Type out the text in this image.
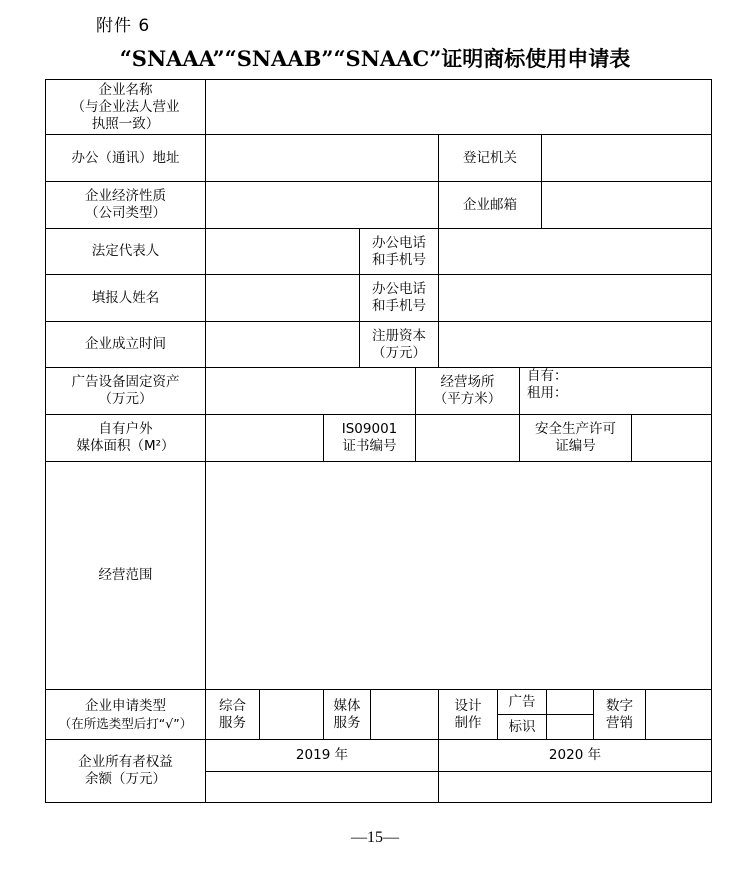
附件 6
“SNAAA”“SNAAB”“SNAAC”证明商标使用申请表
企业名称
（与企业法人营业
执照一致）
办公（通讯）地址	登记机关
企业经济性质
（公司类型）
企业邮箱
法定代表人
办公电话
和手机号
填报人姓名
办公电话
和手机号
企业成立时间
注册资本
（万元）
广告设备固定资产
（万元）
经营场所
（平方米）
自有：
租用：
自有户外
媒体面积（M²）
IS09001
证书编号
安全生产许可
证编号
经营范围
企业申请类型
（在所选类型后打“√”）
综合
服务
媒体
服务
设计
制作
广告
标识
数字
营销
企业所有者权益
余额（万元）
2019 年	2020 年
—15—
